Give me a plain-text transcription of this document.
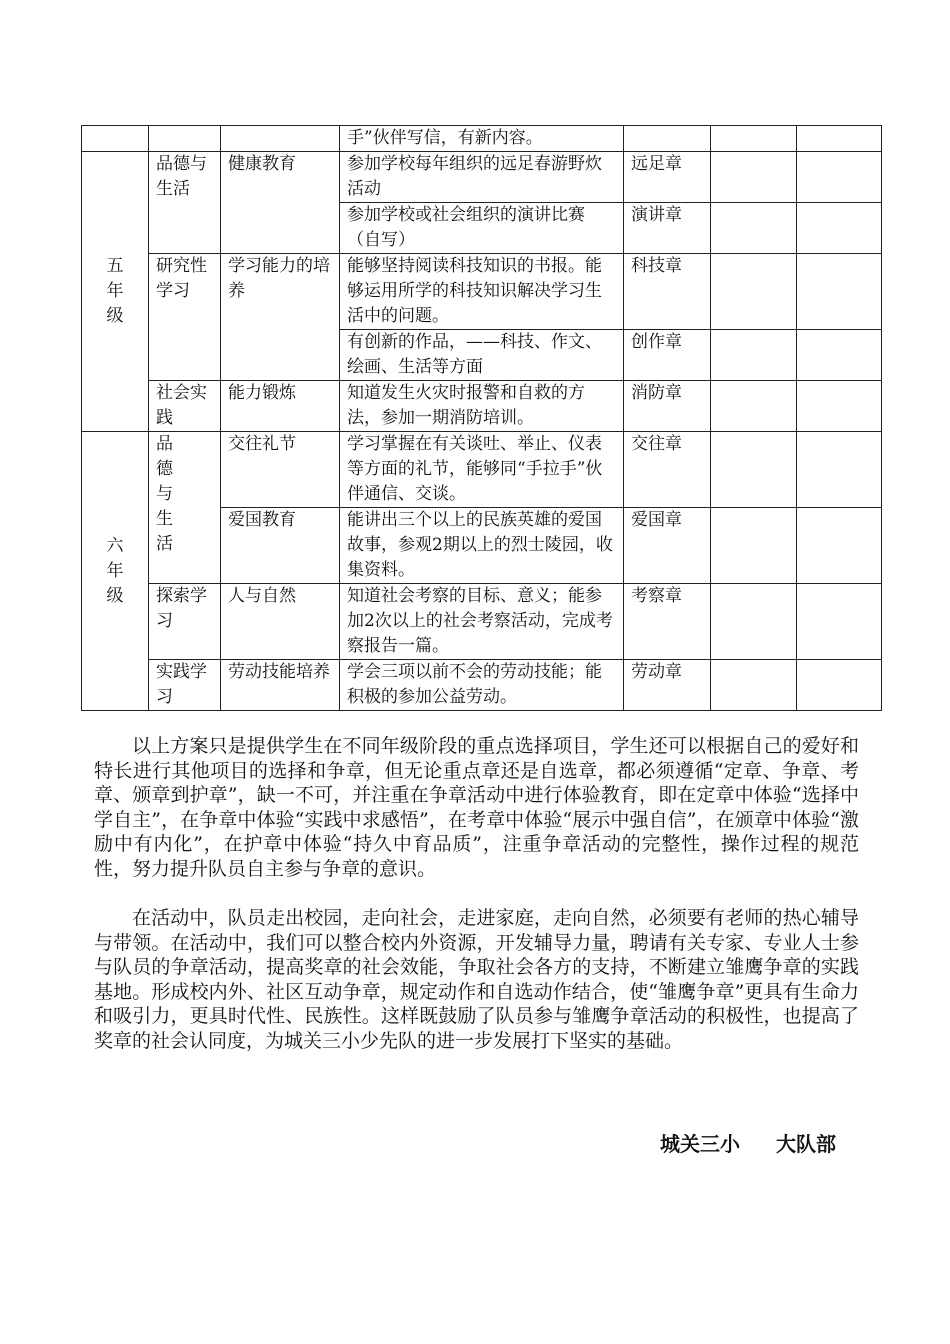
			手”伙伴写信，有新内容。			
五年级	品德与生活	健康教育	参加学校每年组织的远足春游野炊活动	远足章		
			参加学校或社会组织的演讲比赛（自写）	演讲章		
	研究性学习	学习能力的培养	能够坚持阅读科技知识的书报。能够运用所学的科技知识解决学习生活中的问题。	科技章		
			有创新的作品，——科技、作文、绘画、生活等方面	创作章		
	社会实践	能力锻炼	知道发生火灾时报警和自救的方法，参加一期消防培训。	消防章		
六年级	品德与生活	交往礼节	学习掌握在有关谈吐、举止、仪表等方面的礼节，能够同“手拉手”伙伴通信、交谈。	交往章		
		爱国教育	能讲出三个以上的民族英雄的爱国故事，参观2期以上的烈士陵园，收集资料。	爱国章		
	探索学习	人与自然	知道社会考察的目标、意义；能参加2次以上的社会考察活动，完成考察报告一篇。	考察章		
	实践学习	劳动技能培养	学会三项以前不会的劳动技能；能积极的参加公益劳动。	劳动章		

以上方案只是提供学生在不同年级阶段的重点选择项目，学生还可以根据自己的爱好和特长进行其他项目的选择和争章，但无论重点章还是自选章，都必须遵循“定章、争章、考章、颁章到护章”，缺一不可，并注重在争章活动中进行体验教育，即在定章中体验“选择中学自主”，在争章中体验“实践中求感悟”，在考章中体验“展示中强自信”，在颁章中体验“激励中有内化”，在护章中体验“持久中育品质”，注重争章活动的完整性，操作过程的规范性，努力提升队员自主参与争章的意识。

在活动中，队员走出校园，走向社会，走进家庭，走向自然，必须要有老师的热心辅导与带领。在活动中，我们可以整合校内外资源，开发辅导力量，聘请有关专家、专业人士参与队员的争章活动，提高奖章的社会效能，争取社会各方的支持，不断建立雏鹰争章的实践基地。形成校内外、社区互动争章，规定动作和自选动作结合，使“雏鹰争章”更具有生命力和吸引力，更具时代性、民族性。这样既鼓励了队员参与雏鹰争章活动的积极性，也提高了奖章的社会认同度，为城关三小少先队的进一步发展打下坚实的基础。

城关三小 大队部
